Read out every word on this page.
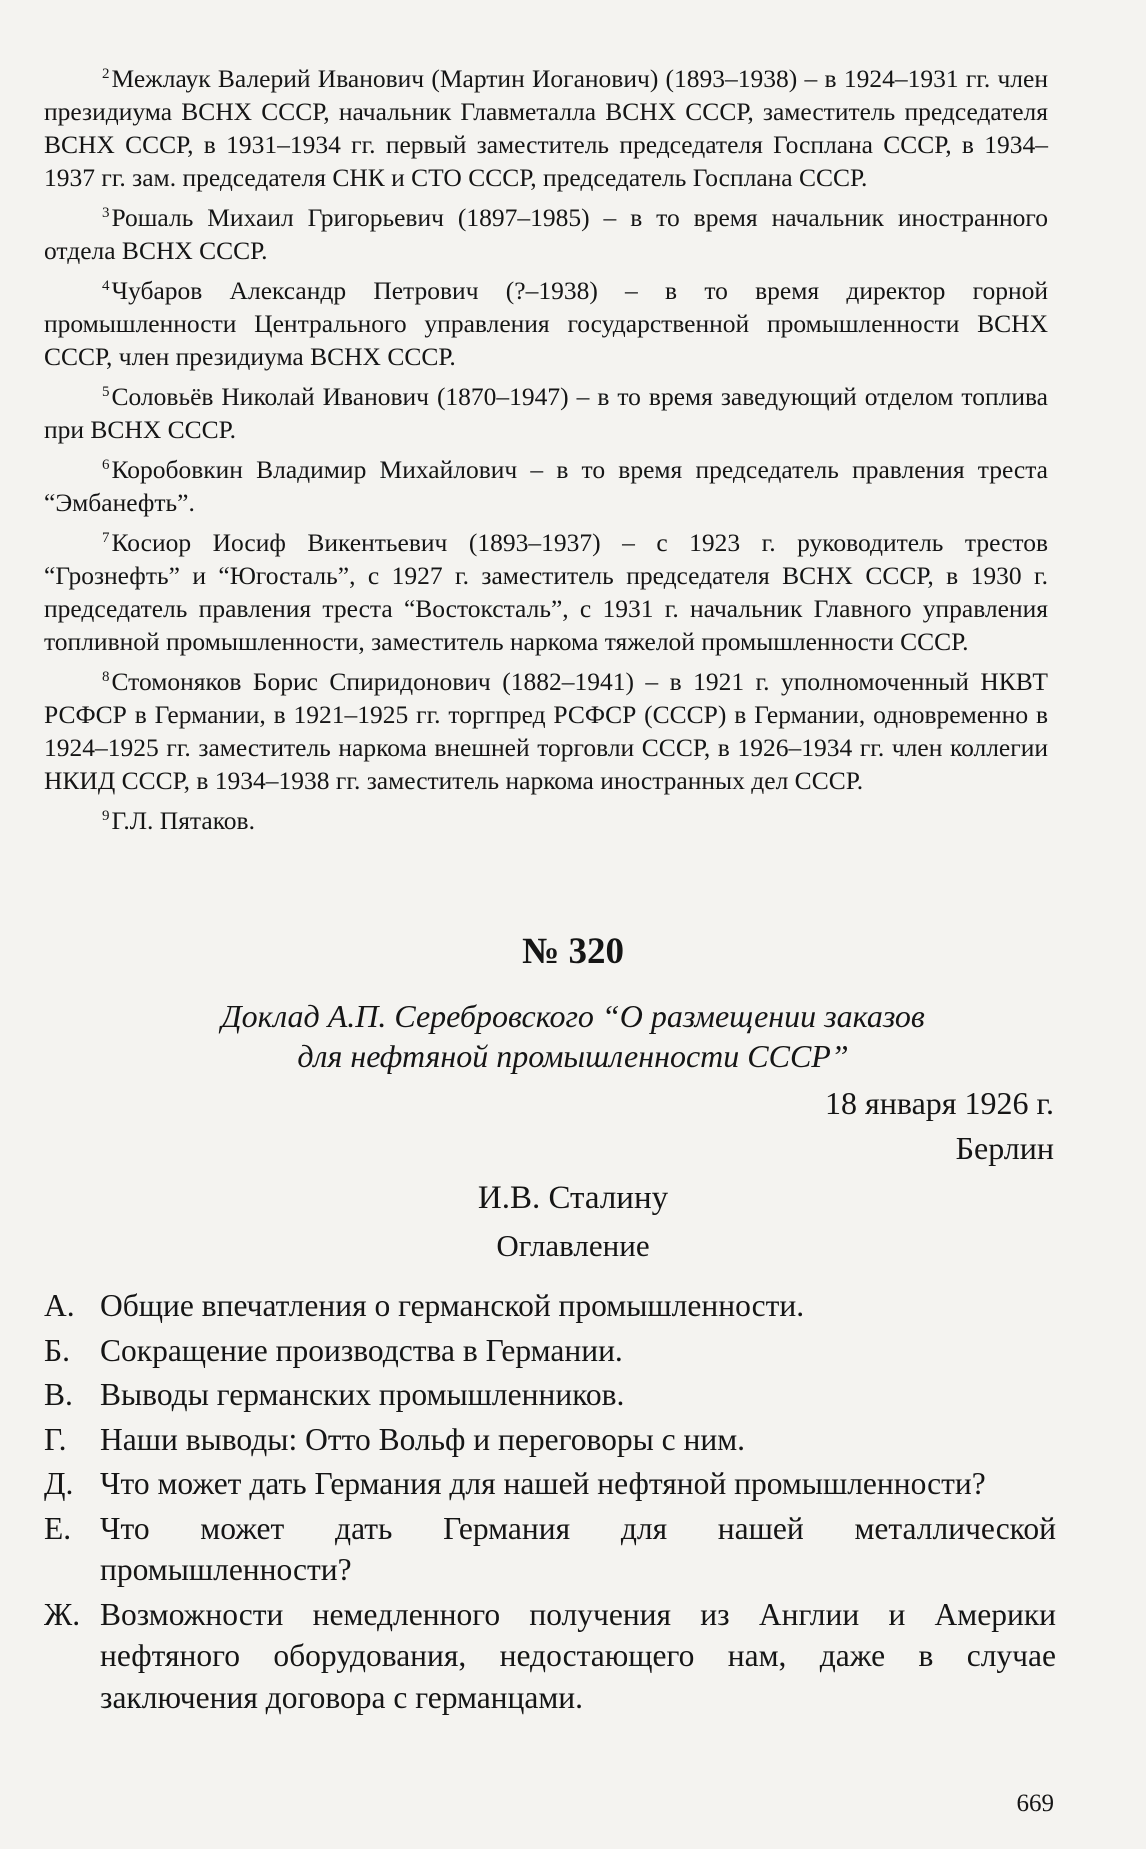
$^2$Межлаук Валерий Иванович (Мартин Иоганович) (1893–1938) – в 1924–1931 гг. член президиума ВСНХ СССР, начальник Главметалла ВСНХ СССР, заместитель председателя ВСНХ СССР, в 1931–1934 гг. первый заместитель председателя Госплана СССР, в 1934–1937 гг. зам. председателя СНК и СТО СССР, председатель Госплана СССР.

$^3$Рошаль Михаил Григорьевич (1897–1985) – в то время начальник иностранного отдела ВСНХ СССР.

$^4$Чубаров Александр Петрович (?–1938) – в то время директор горной промышленности Центрального управления государственной промышленности ВСНХ СССР, член президиума ВСНХ СССР.

$^5$Соловьёв Николай Иванович (1870–1947) – в то время заведующий отделом топлива при ВСНХ СССР.

$^6$Коробовкин Владимир Михайлович – в то время председатель правления треста “Эмбанефть”.

$^7$Косиор Иосиф Викентьевич (1893–1937) – с 1923 г. руководитель трестов “Грознефть” и “Югосталь”, с 1927 г. заместитель председателя ВСНХ СССР, в 1930 г. председатель правления треста “Востоксталь”, с 1931 г. начальник Главного управления топливной промышленности, заместитель наркома тяжелой промышленности СССР.

$^8$Стомоняков Борис Спиридонович (1882–1941) – в 1921 г. уполномоченный НКВТ РСФСР в Германии, в 1921–1925 гг. торгпред РСФСР (СССР) в Германии, одновременно в 1924–1925 гг. заместитель наркома внешней торговли СССР, в 1926–1934 гг. член коллегии НКИД СССР, в 1934–1938 гг. заместитель наркома иностранных дел СССР.

$^9$Г.Л. Пятаков.

№ 320
Доклад А.П. Серебровского “О размещении заказов
для нефтяной промышленности СССР”
18 января 1926 г.
Берлин
И.В. Сталину
Оглавление
А. Общие впечатления о германской промышленности.
Б. Сокращение производства в Германии.
В. Выводы германских промышленников.
Г.	Наши выводы: Отто Вольф и переговоры с ним.
Д. Что может дать Германия для нашей нефтяной промышленности?
Е. Что может дать Германия для нашей металлической промышленности?
Ж. Возможности немедленного получения из Англии и Америки нефтяного оборудования, недостающего нам, даже в случае заключения договора с германцами.
669
